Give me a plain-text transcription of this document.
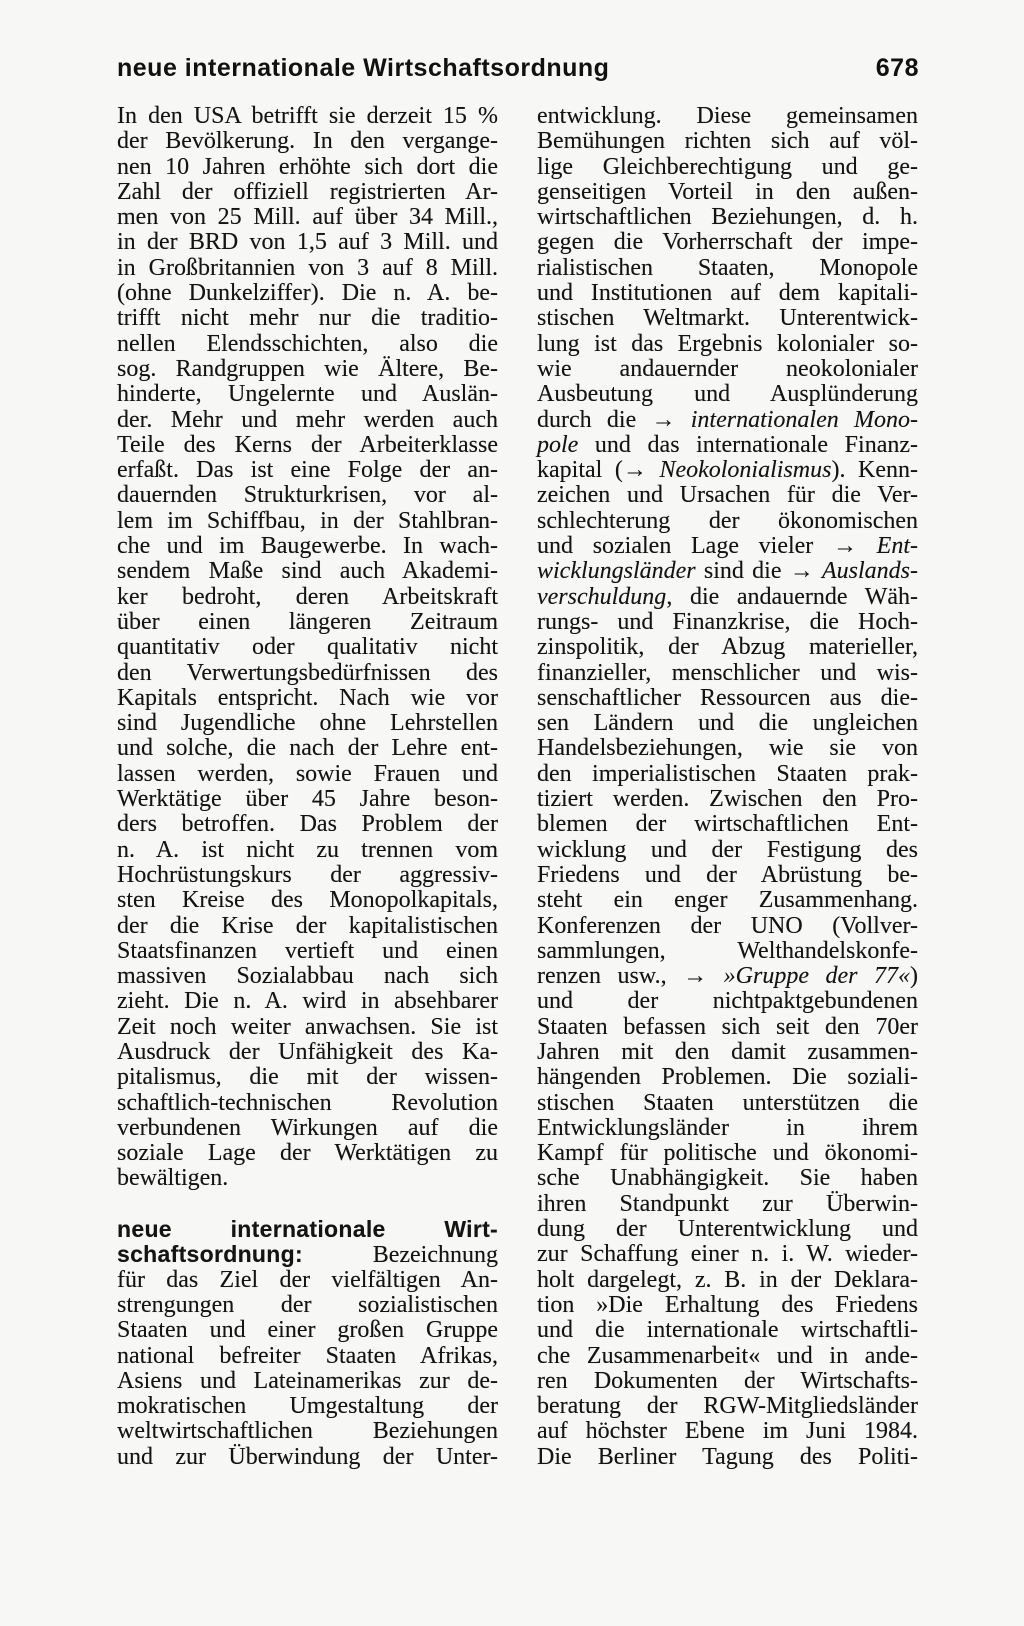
neue internationale Wirtschaftsordnung	678
In den USA betrifft sie derzeit 15 %
der Bevölkerung. In den vergange-
nen 10 Jahren erhöhte sich dort die
Zahl der offiziell registrierten Ar-
men von 25 Mill. auf über 34 Mill.,
in der BRD von 1,5 auf 3 Mill. und
in Großbritannien von 3 auf 8 Mill.
(ohne Dunkelziffer). Die n. A. be-
trifft nicht mehr nur die traditio-
nellen Elendsschichten, also die
sog. Randgruppen wie Ältere, Be-
hinderte, Ungelernte und Auslän-
der. Mehr und mehr werden auch
Teile des Kerns der Arbeiterklasse
erfaßt. Das ist eine Folge der an-
dauernden Strukturkrisen, vor al-
lem im Schiffbau, in der Stahlbran-
che und im Baugewerbe. In wach-
sendem Maße sind auch Akademi-
ker bedroht, deren Arbeitskraft
über einen längeren Zeitraum
quantitativ oder qualitativ nicht
den Verwertungsbedürfnissen des
Kapitals entspricht. Nach wie vor
sind Jugendliche ohne Lehrstellen
und solche, die nach der Lehre ent-
lassen werden, sowie Frauen und
Werktätige über 45 Jahre beson-
ders betroffen. Das Problem der
n. A. ist nicht zu trennen vom
Hochrüstungskurs der aggressiv-
sten Kreise des Monopolkapitals,
der die Krise der kapitalistischen
Staatsfinanzen vertieft und einen
massiven Sozialabbau nach sich
zieht. Die n. A. wird in absehbarer
Zeit noch weiter anwachsen. Sie ist
Ausdruck der Unfähigkeit des Ka-
pitalismus, die mit der wissen-
schaftlich-technischen Revolution
verbundenen Wirkungen auf die
soziale Lage der Werktätigen zu
bewältigen.
neue internationale Wirt-
schaftsordnung: Bezeichnung
für das Ziel der vielfältigen An-
strengungen der sozialistischen
Staaten und einer großen Gruppe
national befreiter Staaten Afrikas,
Asiens und Lateinamerikas zur de-
mokratischen Umgestaltung der
weltwirtschaftlichen Beziehungen
und zur Überwindung der Unter-
entwicklung. Diese gemeinsamen
Bemühungen richten sich auf völ-
lige Gleichberechtigung und ge-
genseitigen Vorteil in den außen-
wirtschaftlichen Beziehungen, d. h.
gegen die Vorherrschaft der impe-
rialistischen Staaten, Monopole
und Institutionen auf dem kapitali-
stischen Weltmarkt. Unterentwick-
lung ist das Ergebnis kolonialer so-
wie andauernder neokolonialer
Ausbeutung und Ausplünderung
durch die → internationalen Mono-
pole und das internationale Finanz-
kapital (→ Neokolonialismus). Kenn-
zeichen und Ursachen für die Ver-
schlechterung der ökonomischen
und sozialen Lage vieler → Ent-
wicklungsländer sind die → Auslands-
verschuldung, die andauernde Wäh-
rungs- und Finanzkrise, die Hoch-
zinspolitik, der Abzug materieller,
finanzieller, menschlicher und wis-
senschaftlicher Ressourcen aus die-
sen Ländern und die ungleichen
Handelsbeziehungen, wie sie von
den imperialistischen Staaten prak-
tiziert werden. Zwischen den Pro-
blemen der wirtschaftlichen Ent-
wicklung und der Festigung des
Friedens und der Abrüstung be-
steht ein enger Zusammenhang.
Konferenzen der UNO (Vollver-
sammlungen, Welthandelskonfe-
renzen usw., → »Gruppe der 77«)
und der nichtpaktgebundenen
Staaten befassen sich seit den 70er
Jahren mit den damit zusammen-
hängenden Problemen. Die soziali-
stischen Staaten unterstützen die
Entwicklungsländer in ihrem
Kampf für politische und ökonomi-
sche Unabhängigkeit. Sie haben
ihren Standpunkt zur Überwin-
dung der Unterentwicklung und
zur Schaffung einer n. i. W. wieder-
holt dargelegt, z. B. in der Deklara-
tion »Die Erhaltung des Friedens
und die internationale wirtschaftli-
che Zusammenarbeit« und in ande-
ren Dokumenten der Wirtschafts-
beratung der RGW-Mitgliedsländer
auf höchster Ebene im Juni 1984.
Die Berliner Tagung des Politi-
